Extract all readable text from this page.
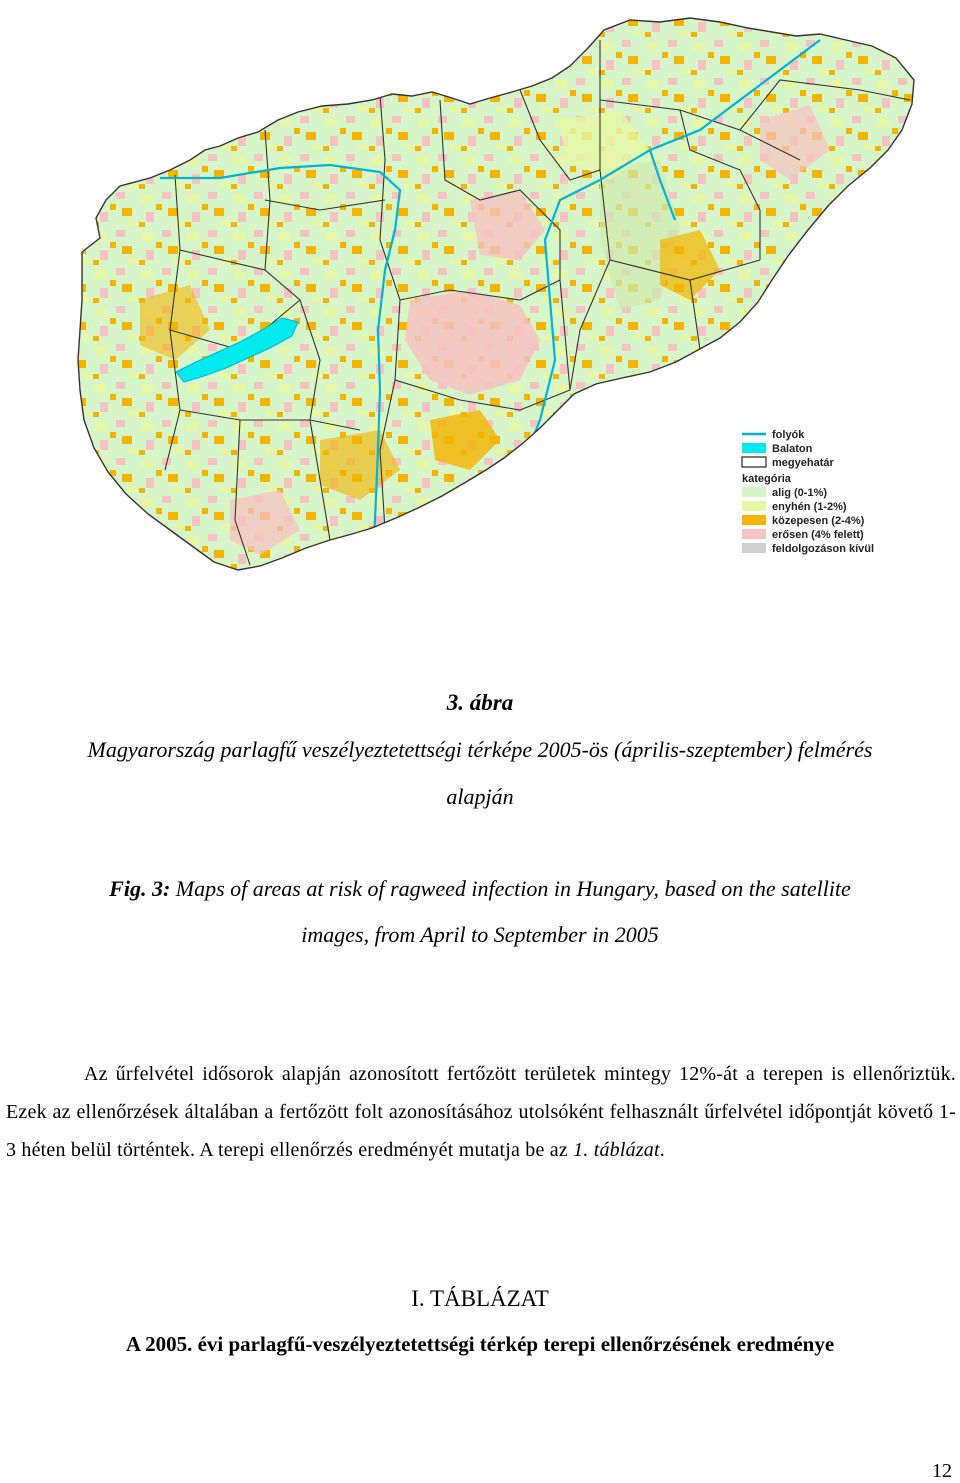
folyók
Balaton
megyehatár
kategória
alig (0-1%)
enyhén (1-2%)
közepesen (2-4%)
erősen (4% felett)
feldolgozáson kívül
3. ábra
Magyarország parlagfű veszélyeztetettségi térképe 2005-ös (április-szeptember) felmérés
alapján
Fig. 3: Maps of areas at risk of ragweed infection in Hungary, based on the satellite
images, from April to September in 2005

Az űrfelvétel idősorok alapján azonosított fertőzött területek mintegy 12%-át a terepen is ellenőriztük. Ezek az ellenőrzések általában a fertőzött folt azonosításához utolsóként felhasznált űrfelvétel időpontját követő 1-3 héten belül történtek. A terepi ellenőrzés eredményét mutatja be az 1. táblázat.

I. TÁBLÁZAT
A 2005. évi parlagfű-veszélyeztetettségi térkép terepi ellenőrzésének eredménye
12
